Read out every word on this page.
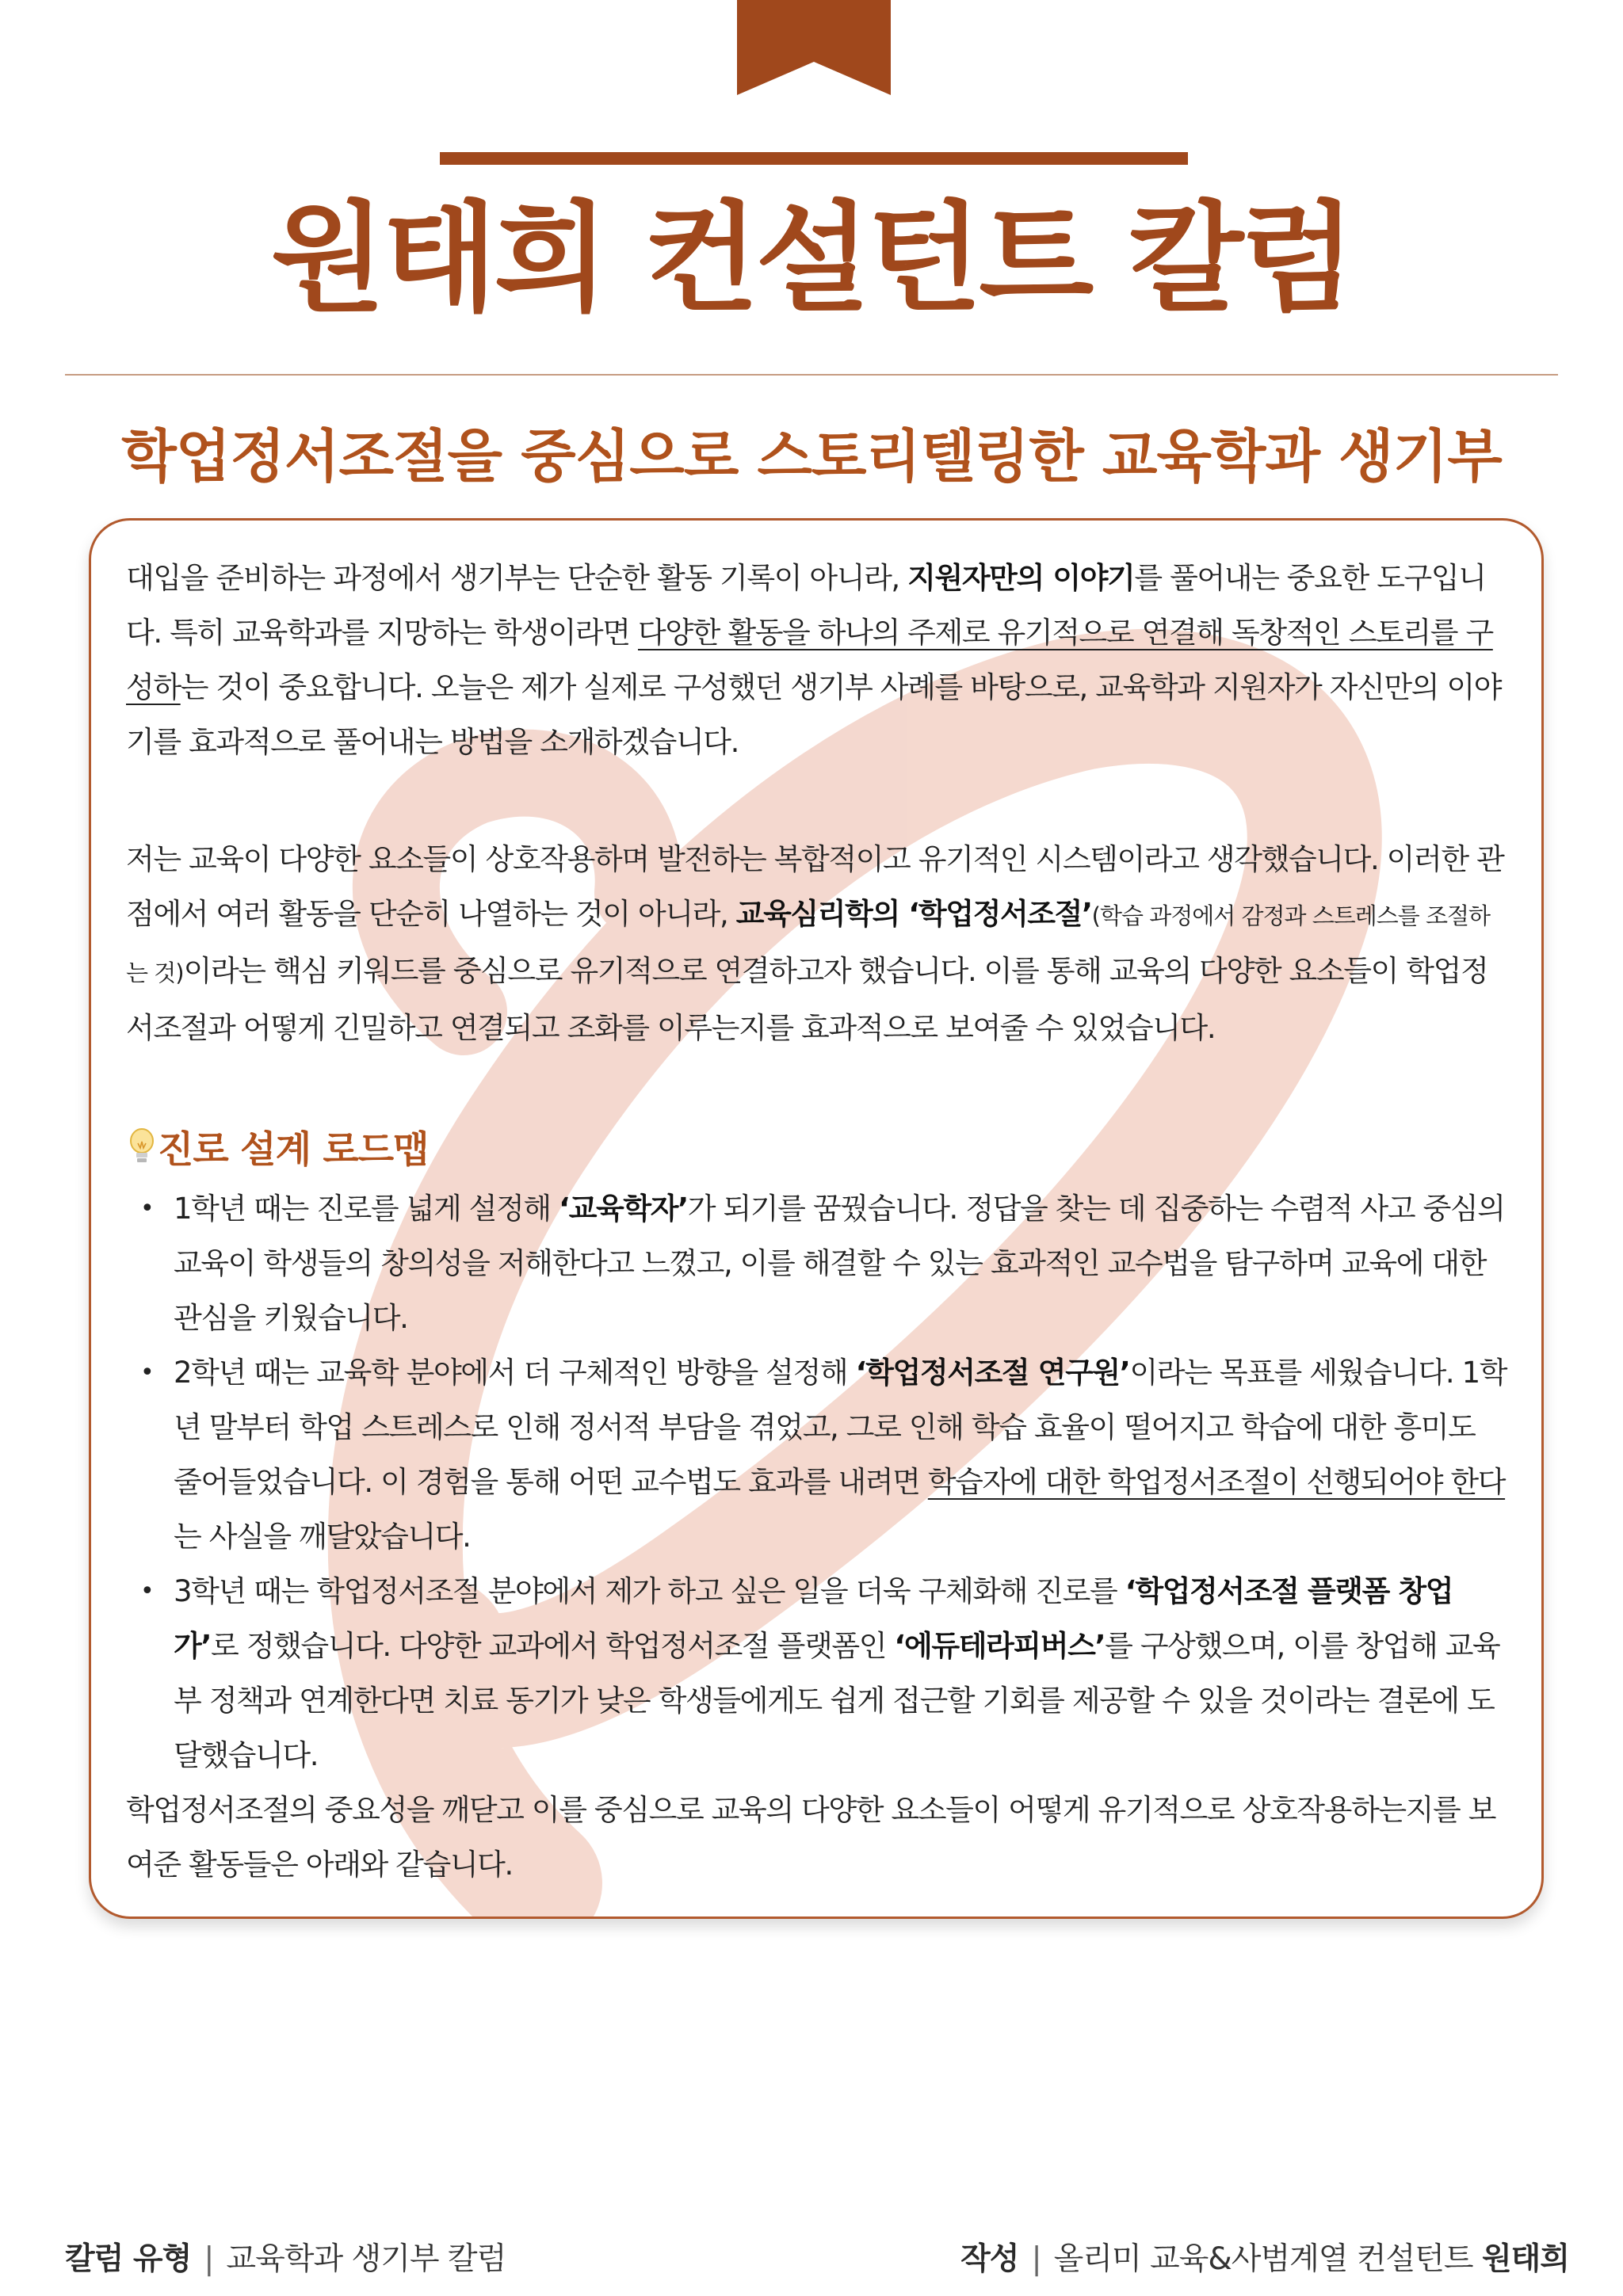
원태희 컨설턴트 칼럼
학업정서조절을 중심으로 스토리텔링한 교육학과 생기부

대입을 준비하는 과정에서 생기부는 단순한 활동 기록이 아니라, 지원자만의 이야기를 풀어내는 중요한 도구입니다. 특히 교육학과를 지망하는 학생이라면 다양한 활동을 하나의 주제로 유기적으로 연결해 독창적인 스토리를 구성하는 것이 중요합니다. 오늘은 제가 실제로 구성했던 생기부 사례를 바탕으로, 교육학과 지원자가 자신만의 이야기를 효과적으로 풀어내는 방법을 소개하겠습니다.

저는 교육이 다양한 요소들이 상호작용하며 발전하는 복합적이고 유기적인 시스템이라고 생각했습니다. 이러한 관점에서 여러 활동을 단순히 나열하는 것이 아니라, 교육심리학의 ‘학업정서조절’(학습 과정에서 감정과 스트레스를 조절하는 것)이라는 핵심 키워드를 중심으로 유기적으로 연결하고자 했습니다. 이를 통해 교육의 다양한 요소들이 학업정서조절과 어떻게 긴밀하고 연결되고 조화를 이루는지를 효과적으로 보여줄 수 있었습니다.

진로 설계 로드맵

• 1학년 때는 진로를 넓게 설정해 ‘교육학자’가 되기를 꿈꿨습니다. 정답을 찾는 데 집중하는 수렴적 사고 중심의 교육이 학생들의 창의성을 저해한다고 느꼈고, 이를 해결할 수 있는 효과적인 교수법을 탐구하며 교육에 대한 관심을 키웠습니다.
• 2학년 때는 교육학 분야에서 더 구체적인 방향을 설정해 ‘학업정서조절 연구원’이라는 목표를 세웠습니다. 1학년 말부터 학업 스트레스로 인해 정서적 부담을 겪었고, 그로 인해 학습 효율이 떨어지고 학습에 대한 흥미도 줄어들었습니다. 이 경험을 통해 어떤 교수법도 효과를 내려면 학습자에 대한 학업정서조절이 선행되어야 한다는 사실을 깨달았습니다.
• 3학년 때는 학업정서조절 분야에서 제가 하고 싶은 일을 더욱 구체화해 진로를 ‘학업정서조절 플랫폼 창업가’로 정했습니다. 다양한 교과에서 학업정서조절 플랫폼인 ‘에듀테라피버스’를 구상했으며, 이를 창업해 교육부 정책과 연계한다면 치료 동기가 낮은 학생들에게도 쉽게 접근할 기회를 제공할 수 있을 것이라는 결론에 도달했습니다.

학업정서조절의 중요성을 깨닫고 이를 중심으로 교육의 다양한 요소들이 어떻게 유기적으로 상호작용하는지를 보여준 활동들은 아래와 같습니다.

칼럼 유형 | 교육학과 생기부 칼럼	작성 | 올리미 교육&사범계열 컨설턴트 원태희
